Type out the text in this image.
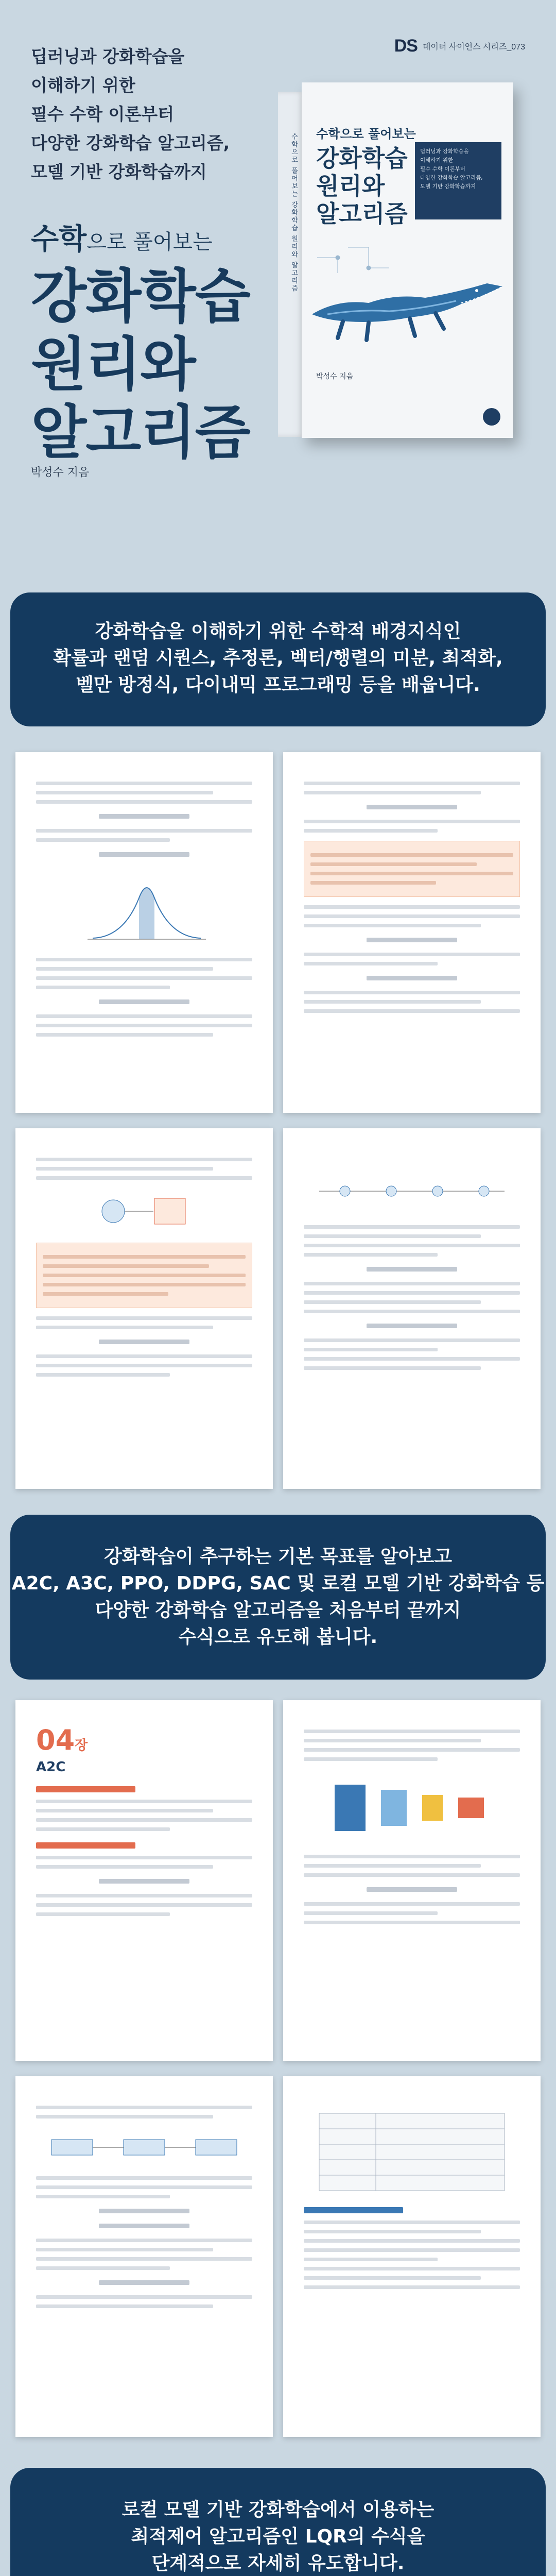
DS 데이터 사이언스 시리즈_073
딥러닝과 강화학습을
이해하기 위한
필수 수학 이론부터
다양한 강화학습 알고리즘,
모델 기반 강화학습까지
수학으로 풀어보는
강화학습
원리와
알고리즘
박성수 지음
수학으로 풀어보는 강화학습 원리와 알고리즘 수학으로 풀어보는
강화학습
원리와
알고리즘
딥러닝과 강화학습을
이해하기 위한
필수 수학 이론부터
다양한 강화학습 알고리즘,
모델 기반 강화학습까지
박성수 지음
강화학습을 이해하기 위한 수학적 배경지식인
확률과 랜덤 시퀀스, 추정론, 벡터/행렬의 미분, 최적화,
벨만 방정식, 다이내믹 프로그래밍 등을 배웁니다.
강화학습이 추구하는 기본 목표를 알아보고
A2C, A3C, PPO, DDPG, SAC 및 로컬 모델 기반 강화학습 등
다양한 강화학습 알고리즘을 처음부터 끝까지
수식으로 유도해 봅니다.
04장
A2C
로컬 모델 기반 강화학습에서 이용하는
최적제어 알고리즘인 LQR의 수식을
단계적으로 자세히 유도합니다.
